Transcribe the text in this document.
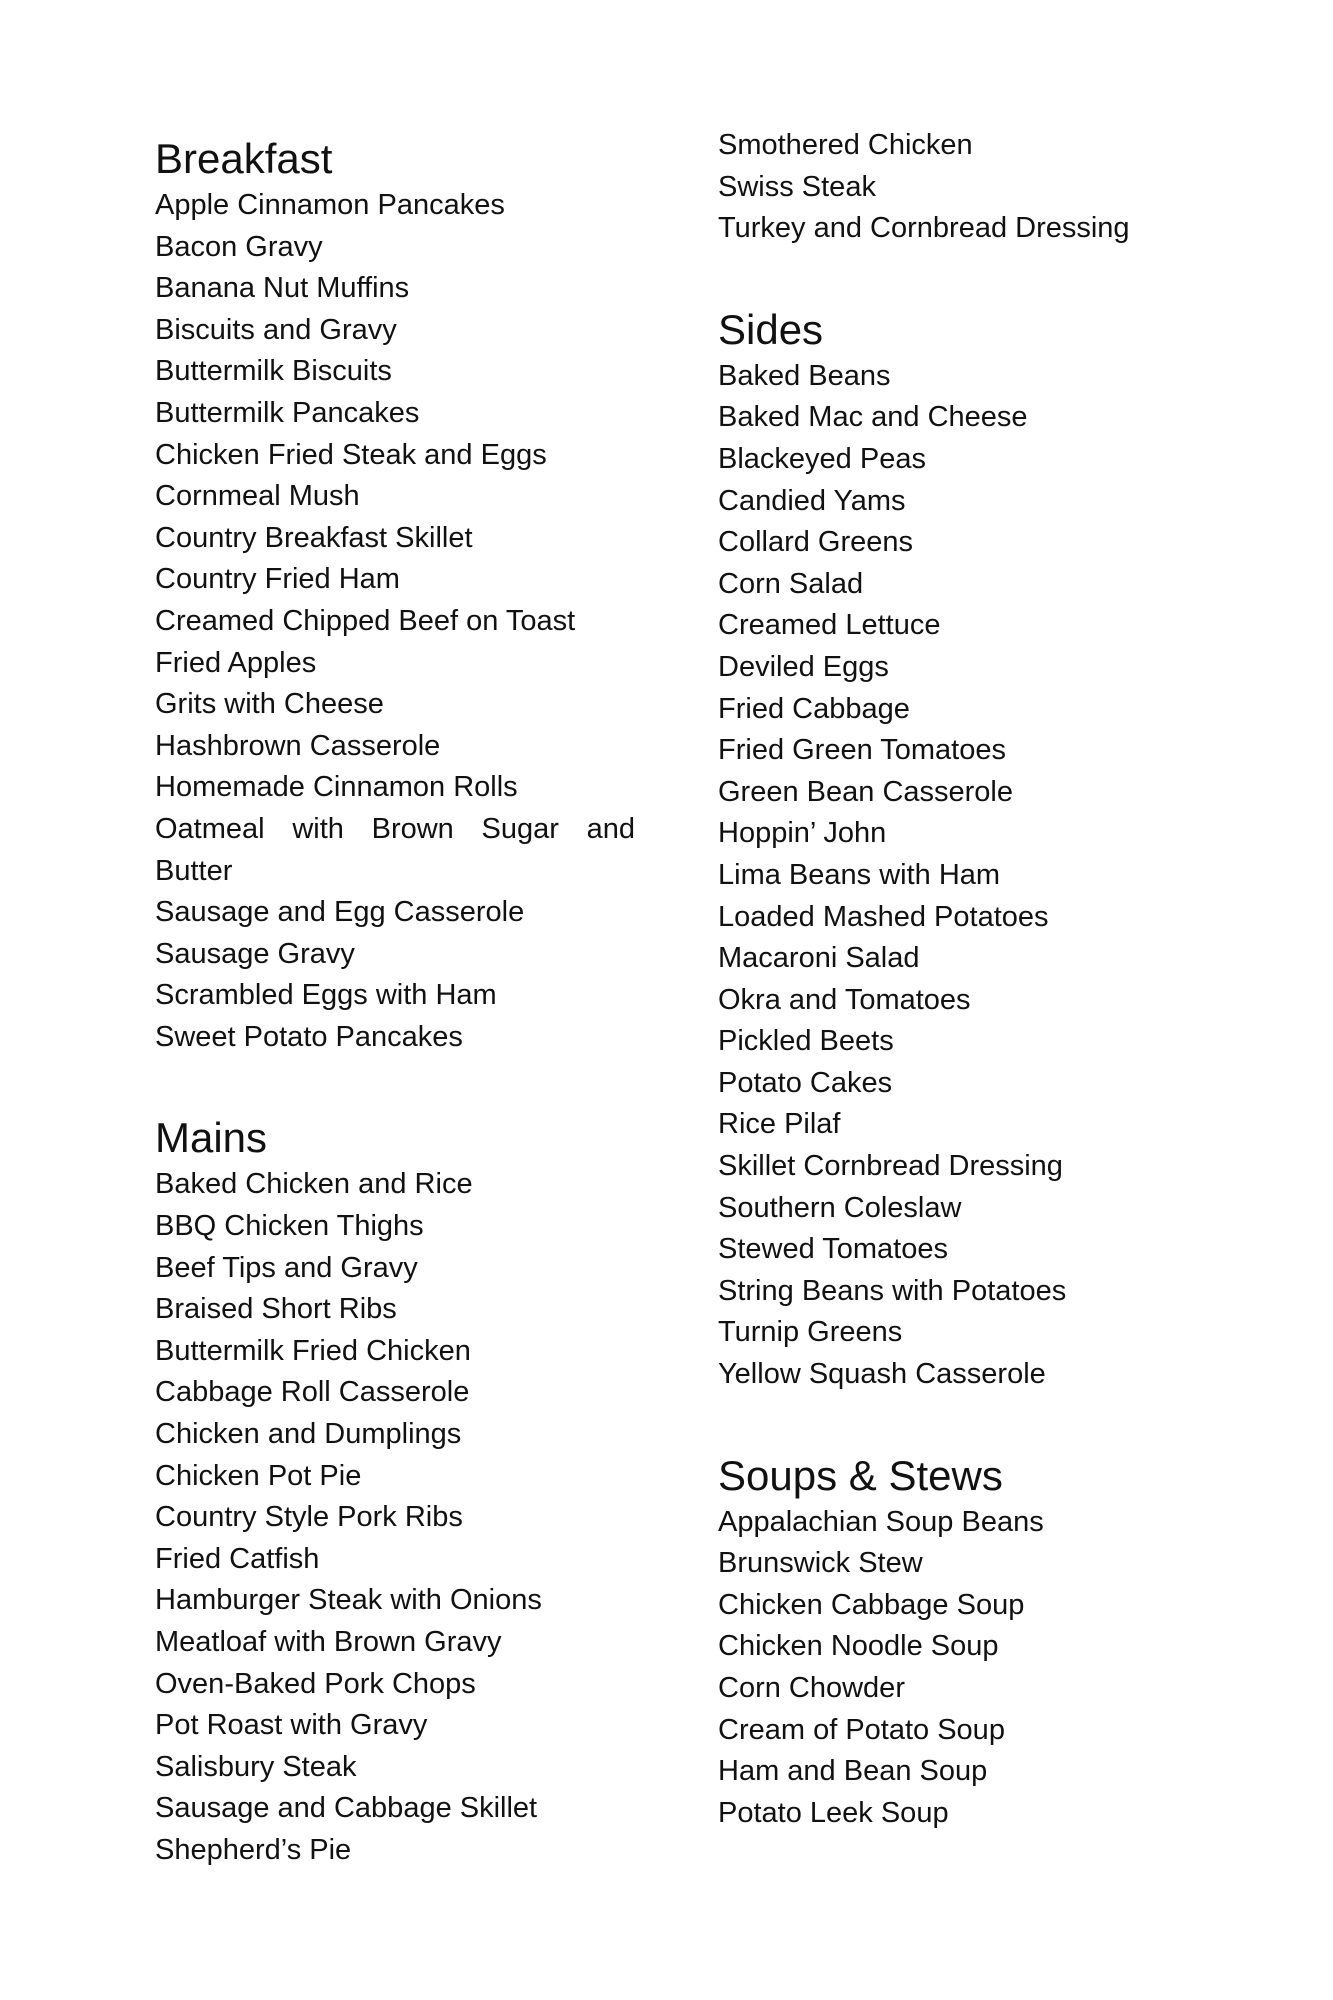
Breakfast
Apple Cinnamon Pancakes
Bacon Gravy
Banana Nut Muffins
Biscuits and Gravy
Buttermilk Biscuits
Buttermilk Pancakes
Chicken Fried Steak and Eggs
Cornmeal Mush
Country Breakfast Skillet
Country Fried Ham
Creamed Chipped Beef on Toast
Fried Apples
Grits with Cheese
Hashbrown Casserole
Homemade Cinnamon Rolls
Oatmeal with Brown Sugar and Butter
Sausage and Egg Casserole
Sausage Gravy
Scrambled Eggs with Ham
Sweet Potato Pancakes
Mains
Baked Chicken and Rice
BBQ Chicken Thighs
Beef Tips and Gravy
Braised Short Ribs
Buttermilk Fried Chicken
Cabbage Roll Casserole
Chicken and Dumplings
Chicken Pot Pie
Country Style Pork Ribs
Fried Catfish
Hamburger Steak with Onions
Meatloaf with Brown Gravy
Oven-Baked Pork Chops
Pot Roast with Gravy
Salisbury Steak
Sausage and Cabbage Skillet
Shepherd’s Pie
Smothered Chicken
Swiss Steak
Turkey and Cornbread Dressing
Sides
Baked Beans
Baked Mac and Cheese
Blackeyed Peas
Candied Yams
Collard Greens
Corn Salad
Creamed Lettuce
Deviled Eggs
Fried Cabbage
Fried Green Tomatoes
Green Bean Casserole
Hoppin’ John
Lima Beans with Ham
Loaded Mashed Potatoes
Macaroni Salad
Okra and Tomatoes
Pickled Beets
Potato Cakes
Rice Pilaf
Skillet Cornbread Dressing
Southern Coleslaw
Stewed Tomatoes
String Beans with Potatoes
Turnip Greens
Yellow Squash Casserole
Soups & Stews
Appalachian Soup Beans
Brunswick Stew
Chicken Cabbage Soup
Chicken Noodle Soup
Corn Chowder
Cream of Potato Soup
Ham and Bean Soup
Potato Leek Soup
